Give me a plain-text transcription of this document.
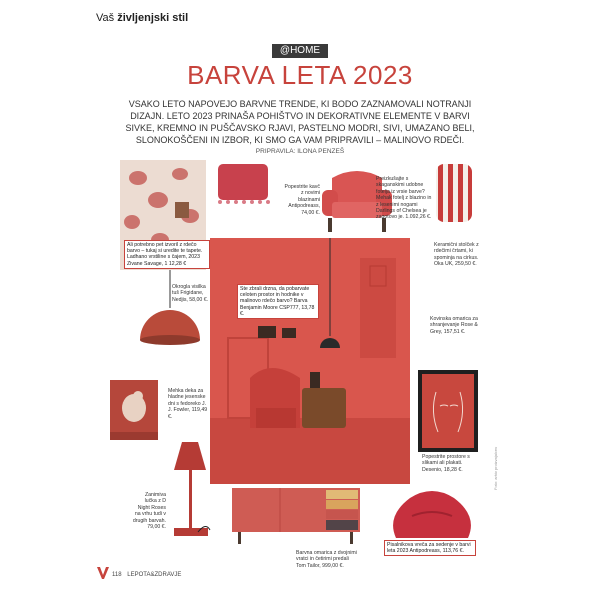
Vaš življenjski stil
@HOME
BARVA LETA 2023
VSAKO LETO NAPOVEJO BARVNE TRENDE, KI BODO ZAZNAMOVALI NOTRANJI DIZAJN. LETO 2023 PRINAŠA POHIŠTVO IN DEKORATIVNE ELEMENTE V BARVI SIVKE, KREMNO IN PUŠČAVSKO RJAVI, PASTELNO MODRI, SIVI, UMAZANO BELI, SLONOKOŠČENI IN IZBOR, KI SMO GA VAM PRIPRAVILI – MALINOVO RDEČI.
PRIPRAVILA: ILONA PENZEŠ
Ali potrebno pet izvoril z rdečo barvo – tukaj si uredite te tapete. Ladhano vrstiline s čajem, 2023 Zivane Savage, 1 12,28 €
Popestrite kavč z novimi blazinami Antipodreass, 74,00 €.
Preizkušajte s skaganskimi udobne fotelja iz vrsie barve? Mehak fotelj z blazino in z lesenimi nogami Darlings of Chelsea je zagotovo je. 1.092,26 €.
Keramični stolček z rdečimi črtami, ki spominja na cirkus. Oka UK, 259,50 €.
Okrogla visilka tuš Frigidane, Nedjis, 58,00 €.
Ste zbrali drzna, da pobarvate celoten prostor in hodnike v malinovo rdečo barvo? Barva Benjamin Moore CSP777, 13,78 €.
Kovinska omarica za shranjevanje Rose & Grey, 157,51 €.
Mehka deka za hladne jesenske dni s fedoreko J. J. Fowler, 119,49 €.
Popestrite prostore s slikami ali plakati. Desenio, 18,28 €.
Zanimiva lučka z D Night Roses na vrhu tudi v drugih barvah. 79,00 €.
Barvna omarica z dvojnimi vratci in četirimi predali Tom Tailor, 999,00 €.
Pisalnikova vreča za sedenje v barvi leta 2023 Antipodreass, 113,76 €.
118 LEPOTA&ZDRAVJE
Foto: arhiv proizvajalcev
